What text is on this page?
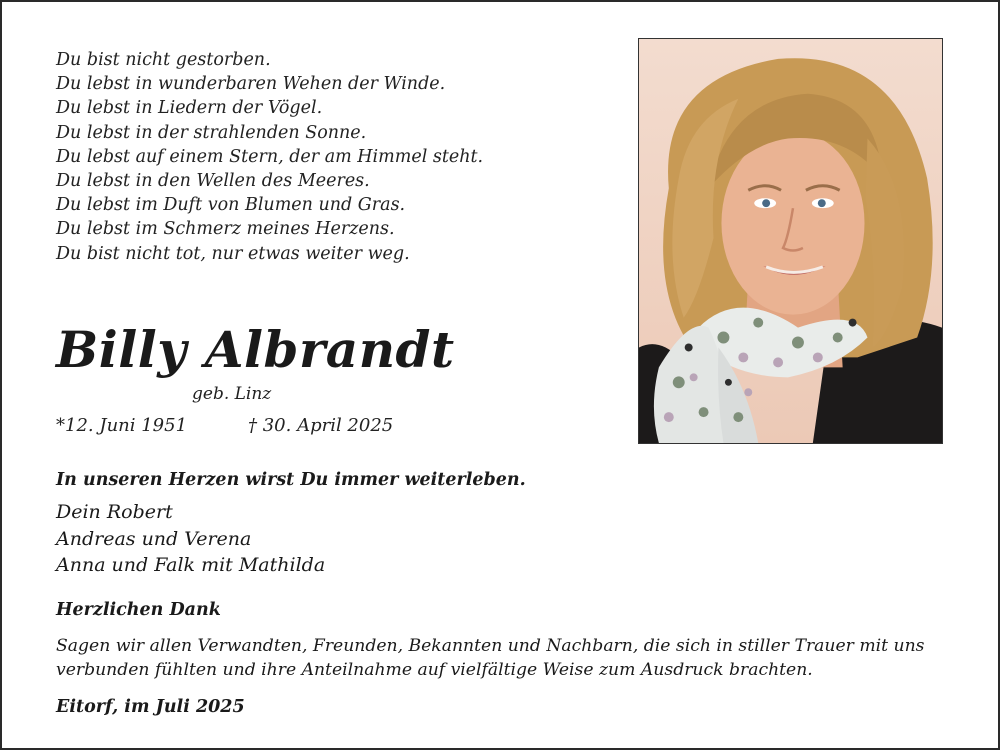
Du bist nicht gestorben.
Du lebst in wunderbaren Wehen der Winde.
Du lebst in Liedern der Vögel.
Du lebst in der strahlenden Sonne.
Du lebst auf einem Stern, der am Himmel steht.
Du lebst in den Wellen des Meeres.
Du lebst im Duft von Blumen und Gras.
Du lebst im Schmerz meines Herzens.
Du bist nicht tot, nur etwas weiter weg.
Billy Albrandt
geb. Linz
*12. Juni 1951	† 30. April 2025
In unseren Herzen wirst Du immer weiterleben.
Dein Robert
Andreas und Verena
Anna und Falk mit Mathilda
Herzlichen Dank
Sagen wir allen Verwandten, Freunden, Bekannten und Nachbarn, die sich in stiller Trauer mit uns verbunden fühlten und ihre Anteilnahme auf vielfältige Weise zum Ausdruck brachten.
Eitorf, im Juli 2025
